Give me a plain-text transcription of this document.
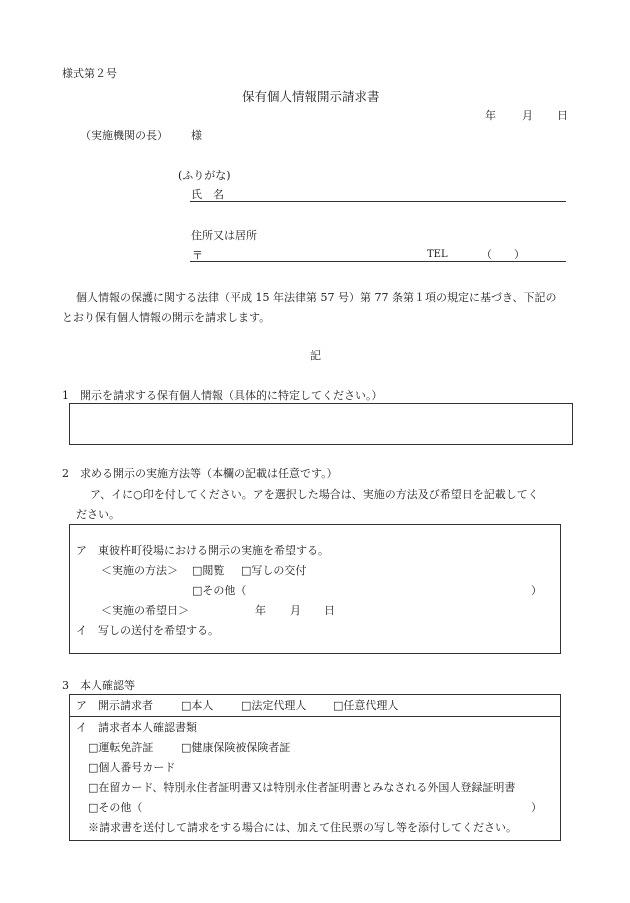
様式第２号
保有個人情報開示請求書
年 月 日
（実施機関の長） 様
(ふりがな)
氏　名
住所又は居所
〒	TEL	（　　）
個人情報の保護に関する法律（平成 15 年法律第 57 号）第 77 条第１項の規定に基づき、下記の
とおり保有個人情報の開示を請求します。
記
1　開示を請求する保有個人情報（具体的に特定してください。）
2　求める開示の実施方法等（本欄の記載は任意です。）
ア、イに○印を付してください。アを選択した場合は、実施の方法及び希望日を記載してく
ださい。
ア　東彼杵町役場における開示の実施を希望する。
＜実施の方法＞ □閲覧 □写しの交付
□その他（	）
＜実施の希望日＞	年 月 日
イ　写しの送付を希望する。
3　本人確認等
ア　開示請求者	□本人	□法定代理人 □任意代理人
イ　請求者本人確認書類
□運転免許証	□健康保険被保険者証
□個人番号カード
□在留カード、特別永住者証明書又は特別永住者証明書とみなされる外国人登録証明書
□その他（	）
※請求書を送付して請求をする場合には、加えて住民票の写し等を添付してください。
